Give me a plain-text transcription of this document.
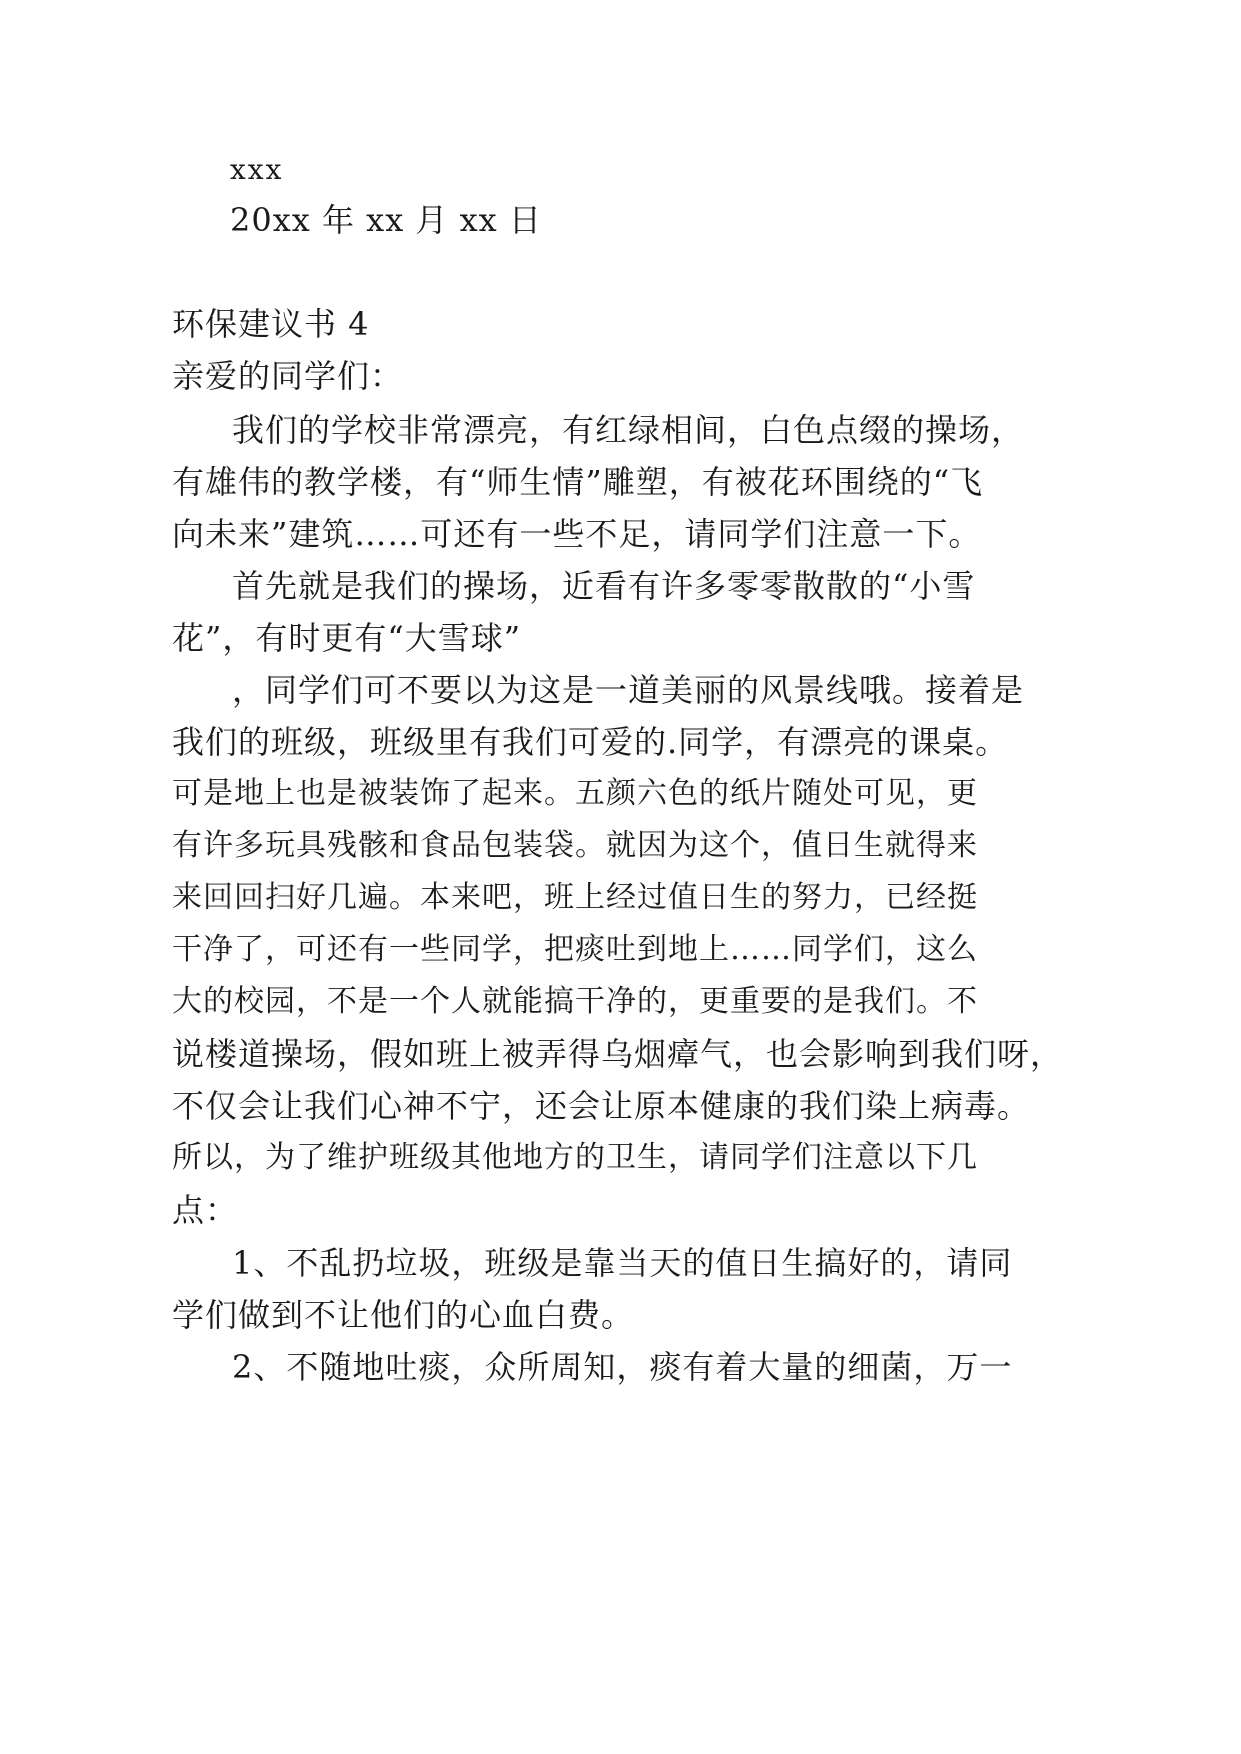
xxx
20xx 年 xx 月 xx 日
环保建议书 4
亲爱的同学们：
我们的学校非常漂亮，有红绿相间，白色点缀的操场，
有雄伟的教学楼，有“师生情”雕塑，有被花环围绕的“飞
向未来”建筑……可还有一些不足，请同学们注意一下。
首先就是我们的操场，近看有许多零零散散的“小雪
花”，有时更有“大雪球”
，同学们可不要以为这是一道美丽的风景线哦。接着是
我们的班级，班级里有我们可爱的.同学，有漂亮的课桌。
可是地上也是被装饰了起来。五颜六色的纸片随处可见，更
有许多玩具残骸和食品包装袋。就因为这个，值日生就得来
来回回扫好几遍。本来吧，班上经过值日生的努力，已经挺
干净了，可还有一些同学，把痰吐到地上……同学们，这么
大的校园，不是一个人就能搞干净的，更重要的是我们。不
说楼道操场，假如班上被弄得乌烟瘴气，也会影响到我们呀，
不仅会让我们心神不宁，还会让原本健康的我们染上病毒。
所以，为了维护班级其他地方的卫生，请同学们注意以下几
点：
1、不乱扔垃圾，班级是靠当天的值日生搞好的，请同
学们做到不让他们的心血白费。
2、不随地吐痰，众所周知，痰有着大量的细菌，万一
